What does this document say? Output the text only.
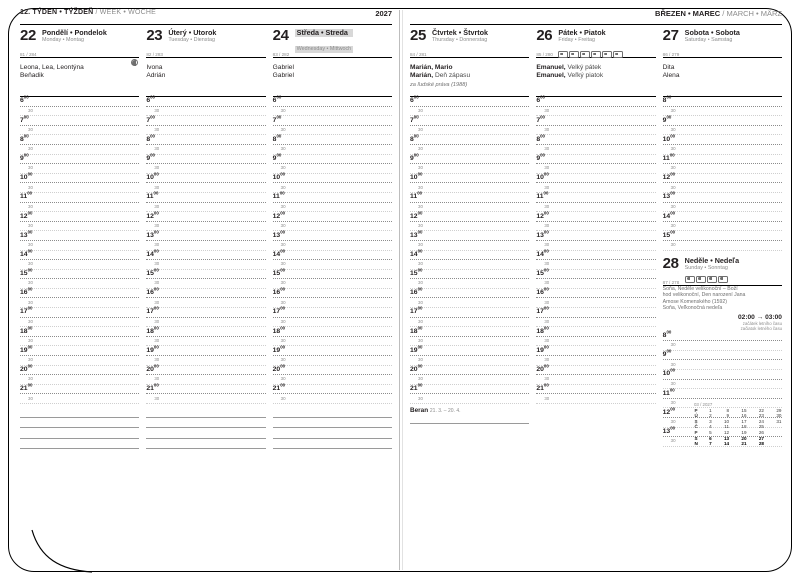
12. TÝDEN • TÝŽDEŇ / WEEK • WOCHE	2027
22 Pondělí • Pondelok
Monday • Montag
81 / 284
Leona, Lea, Leontýna
Beňadik
$6^{00}$
30
$7^{00}$
30
$8^{00}$
30
$9^{00}$
30
$10^{00}$
30
$11^{00}$
30
$12^{00}$
30
$13^{00}$
30
$14^{00}$
30
$15^{00}$
30
$16^{00}$
30
$17^{00}$
30
$18^{00}$
30
$19^{00}$
30
$20^{00}$
30
$21^{00}$
30
23 Úterý • Utorok
Tuesday • Dienstag
82 / 283
Ivona
Adrián
$6^{00}$
30
$7^{00}$
30
$8^{00}$
30
$9^{00}$
30
$10^{00}$
30
$11^{00}$
30
$12^{00}$
30
$13^{00}$
30
$14^{00}$
30
$15^{00}$
30
$16^{00}$
30
$17^{00}$
30
$18^{00}$
30
$19^{00}$
30
$20^{00}$
30
$21^{00}$
30
24 Středa • Streda
Wednesday • Mittwoch
83 / 282
Gabriel
Gabriel
$6^{00}$
30
$7^{00}$
30
$8^{00}$
30
$9^{00}$
30
$10^{00}$
30
$11^{00}$
30
$12^{00}$
30
$13^{00}$
30
$14^{00}$
30
$15^{00}$
30
$16^{00}$
30
$17^{00}$
30
$18^{00}$
30
$19^{00}$
30
$20^{00}$
30
$21^{00}$
30
BŘEZEN • MAREC / MARCH • MÄRZ
25 Čtvrtek • Štvrtok
Thursday • Donnerstag
84 / 281
Marián, Mario
Marián, Deň zápasu
za ľudské práva (1988)
$6^{00}$
30
$7^{00}$
30
$8^{00}$
30
$9^{00}$
30
$10^{00}$
30
$11^{00}$
30
$12^{00}$
30
$13^{00}$
30
$14^{00}$
30
$15^{00}$
30
$16^{00}$
30
$17^{00}$
30
$18^{00}$
30
$19^{00}$
30
$20^{00}$
30
$21^{00}$
30
Beran 21. 3. – 20. 4.
26 Pátek • Piatok
Friday • Freitag
85 / 280
Emanuel, Velký pátek
Emanuel, Veľký piatok
$6^{00}$
30
$7^{00}$
30
$8^{00}$
30
$9^{00}$
30
$10^{00}$
30
$11^{00}$
30
$12^{00}$
30
$13^{00}$
30
$14^{00}$
30
$15^{00}$
30
$16^{00}$
30
$17^{00}$
30
$18^{00}$
30
$19^{00}$
30
$20^{00}$
30
$21^{00}$
30
27 Sobota • Sobota
Saturday • Samstag
86 / 279
Dita
Alena
$8^{00}$
30
$9^{00}$
30
$10^{00}$
30
$11^{00}$
30
$12^{00}$
30
$13^{00}$
30
$14^{00}$
30
$15^{00}$
30
28 Neděle • Nedeľa
Sunday • Sonntag
87 / 278
Soňa, Neděle velikonoční – Boží
hod velikonoční, Den narození Jana
Amose Komenského (1592)
Soňa, Veľkonočná nedeľa
02:00 → 03:00
začátek letního času
začiatok letného času
$8^{00}$
30
$9^{00}$
30
$10^{00}$
30
$11^{00}$
30
$12^{00}$
30
$13^{00}$
30
03 / 2027
P	1	8	15	22	29
Ú	2	9	16	23	30
S	3	10	17	24	31
Č	4	11	18	25	
P	5	12	19	26	
S	6	13	20	27	
N	7	14	21	28	
